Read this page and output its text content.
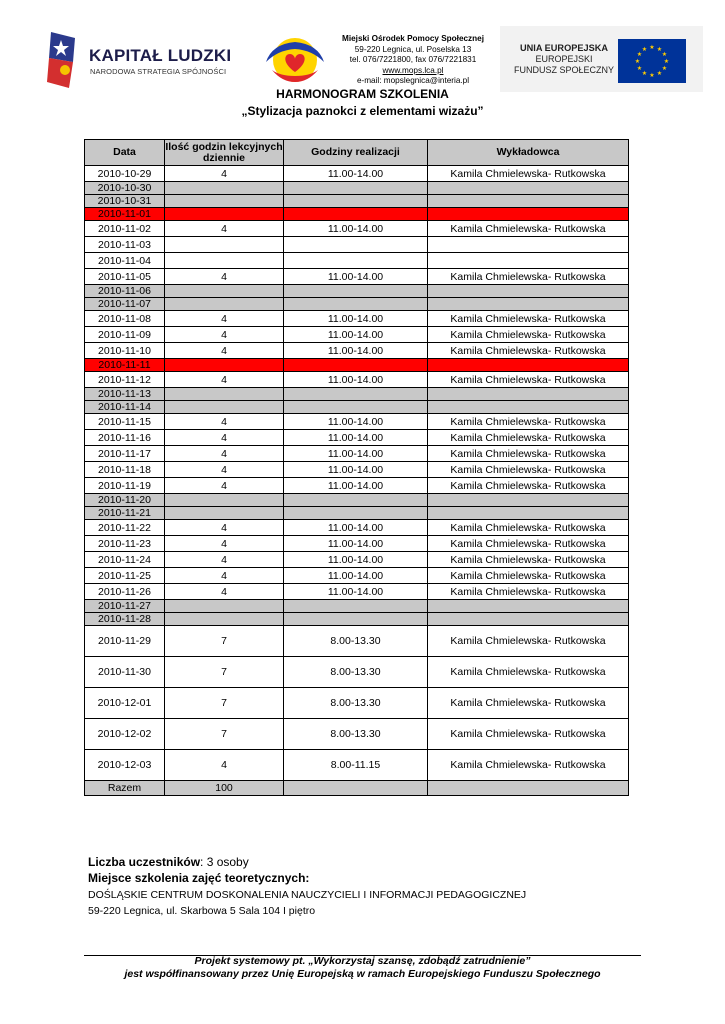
KAPITAŁ LUDZKI
NARODOWA STRATEGIA SPÓJNOŚCI
Miejski Ośrodek Pomocy Społecznej
59-220 Legnica, ul. Poselska 13
tel. 076/7221800, fax 076/7221831
www.mops.lca.pl
e-mail: mopslegnica@interia.pl
UNIA EUROPEJSKA
EUROPEJSKI
FUNDUSZ SPOŁECZNY
★ ★
★
★
★
★
★
★
★
★
★
★
HARMONOGRAM SZKOLENIA
„Stylizacja paznokci z elementami wizażu”
Data	Ilość godzin lekcyjnych dziennie	Godziny realizacji	Wykładowca
2010-10-29	4	11.00-14.00	Kamila Chmielewska- Rutkowska
2010-10-30			
2010-10-31			
2010-11-01			
2010-11-02	4	11.00-14.00	Kamila Chmielewska- Rutkowska
2010-11-03			
2010-11-04			
2010-11-05	4	11.00-14.00	Kamila Chmielewska- Rutkowska
2010-11-06			
2010-11-07			
2010-11-08	4	11.00-14.00	Kamila Chmielewska- Rutkowska
2010-11-09	4	11.00-14.00	Kamila Chmielewska- Rutkowska
2010-11-10	4	11.00-14.00	Kamila Chmielewska- Rutkowska
2010-11-11			
2010-11-12	4	11.00-14.00	Kamila Chmielewska- Rutkowska
2010-11-13			
2010-11-14			
2010-11-15	4	11.00-14.00	Kamila Chmielewska- Rutkowska
2010-11-16	4	11.00-14.00	Kamila Chmielewska- Rutkowska
2010-11-17	4	11.00-14.00	Kamila Chmielewska- Rutkowska
2010-11-18	4	11.00-14.00	Kamila Chmielewska- Rutkowska
2010-11-19	4	11.00-14.00	Kamila Chmielewska- Rutkowska
2010-11-20			
2010-11-21			
2010-11-22	4	11.00-14.00	Kamila Chmielewska- Rutkowska
2010-11-23	4	11.00-14.00	Kamila Chmielewska- Rutkowska
2010-11-24	4	11.00-14.00	Kamila Chmielewska- Rutkowska
2010-11-25	4	11.00-14.00	Kamila Chmielewska- Rutkowska
2010-11-26	4	11.00-14.00	Kamila Chmielewska- Rutkowska
2010-11-27			
2010-11-28			
2010-11-29	7	8.00-13.30	Kamila Chmielewska- Rutkowska
2010-11-30	7	8.00-13.30	Kamila Chmielewska- Rutkowska
2010-12-01	7	8.00-13.30	Kamila Chmielewska- Rutkowska
2010-12-02	7	8.00-13.30	Kamila Chmielewska- Rutkowska
2010-12-03	4	8.00-11.15	Kamila Chmielewska- Rutkowska
Razem	100		
Liczba uczestników: 3 osoby
Miejsce szkolenia zajęć teoretycznych:
DOŚLĄSKIE CENTRUM DOSKONALENIA NAUCZYCIELI I INFORMACJI PEDAGOGICZNEJ
59-220 Legnica, ul. Skarbowa 5 Sala 104 I piętro
Projekt systemowy pt. „Wykorzystaj szansę, zdobądź zatrudnienie”
jest współfinansowany przez Unię Europejską w ramach Europejskiego Funduszu Społecznego
